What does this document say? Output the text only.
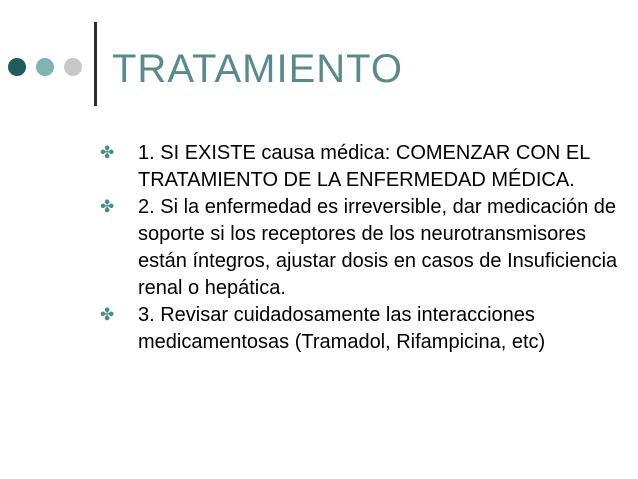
TRATAMIENTO
✤ 1. SI EXISTE causa médica: COMENZAR CON EL TRATAMIENTO DE LA ENFERMEDAD MÉDICA.
✤ 2. Si la enfermedad es irreversible, dar medicación de soporte si los receptores de los neurotransmisores están íntegros, ajustar dosis en casos de Insuficiencia renal o hepática.
✤ 3. Revisar cuidadosamente las interacciones medicamentosas (Tramadol, Rifampicina, etc)
